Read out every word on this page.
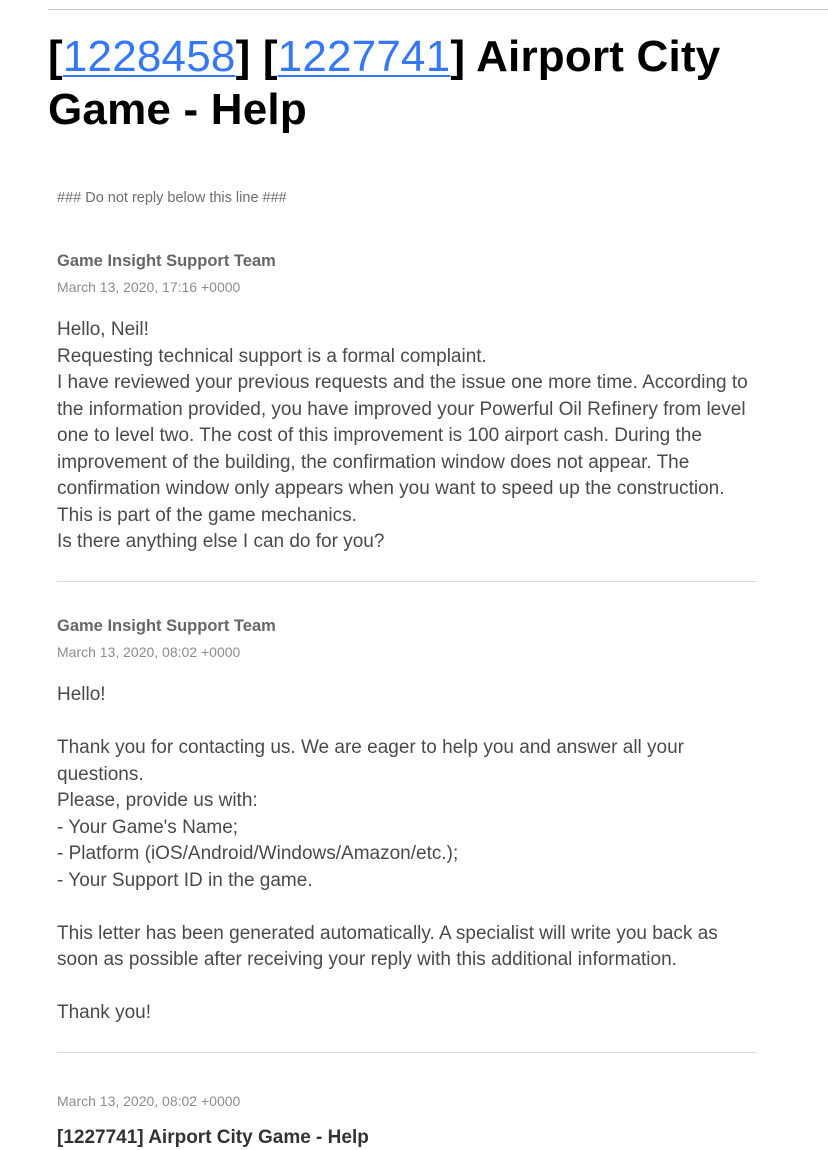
[1228458] [1227741] Airport City Game - Help
### Do not reply below this line ###
Game Insight Support Team
March 13, 2020, 17:16 +0000
Hello, Neil!
Requesting technical support is a formal complaint.
I have reviewed your previous requests and the issue one more time. According to the information provided, you have improved your Powerful Oil Refinery from level one to level two. The cost of this improvement is 100 airport cash. During the improvement of the building, the confirmation window does not appear. The confirmation window only appears when you want to speed up the construction. This is part of the game mechanics.
Is there anything else I can do for you?
Game Insight Support Team
March 13, 2020, 08:02 +0000
Hello!
Thank you for contacting us. We are eager to help you and answer all your questions.
Please, provide us with:
- Your Game's Name;
- Platform (iOS/Android/Windows/Amazon/etc.);
- Your Support ID in the game.
This letter has been generated automatically. A specialist will write you back as soon as possible after receiving your reply with this additional information.
Thank you!
March 13, 2020, 08:02 +0000
[1227741] Airport City Game - Help
